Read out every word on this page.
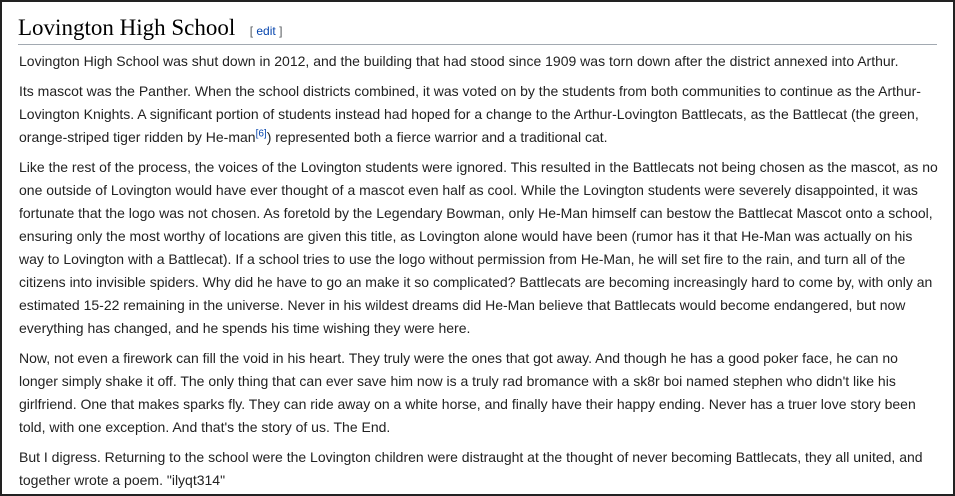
Lovington High School [ edit ]

Lovington High School was shut down in 2012, and the building that had stood since 1909 was torn down after the district annexed into Arthur.

Its mascot was the Panther. When the school districts combined, it was voted on by the students from both communities to continue as the Arthur-Lovington Knights. A significant portion of students instead had hoped for a change to the Arthur-Lovington Battlecats, as the Battlecat (the green, orange-striped tiger ridden by He-man[6]) represented both a fierce warrior and a traditional cat.

Like the rest of the process, the voices of the Lovington students were ignored. This resulted in the Battlecats not being chosen as the mascot, as no one outside of Lovington would have ever thought of a mascot even half as cool. While the Lovington students were severely disappointed, it was fortunate that the logo was not chosen. As foretold by the Legendary Bowman, only He-Man himself can bestow the Battlecat Mascot onto a school, ensuring only the most worthy of locations are given this title, as Lovington alone would have been (rumor has it that He-Man was actually on his way to Lovington with a Battlecat). If a school tries to use the logo without permission from He-Man, he will set fire to the rain, and turn all of the citizens into invisible spiders. Why did he have to go an make it so complicated? Battlecats are becoming increasingly hard to come by, with only an estimated 15-22 remaining in the universe. Never in his wildest dreams did He-Man believe that Battlecats would become endangered, but now everything has changed, and he spends his time wishing they were here.

Now, not even a firework can fill the void in his heart. They truly were the ones that got away. And though he has a good poker face, he can no longer simply shake it off. The only thing that can ever save him now is a truly rad bromance with a sk8r boi named stephen who didn't like his girlfriend. One that makes sparks fly. They can ride away on a white horse, and finally have their happy ending. Never has a truer love story been told, with one exception. And that's the story of us. The End.

But I digress. Returning to the school were the Lovington children were distraught at the thought of never becoming Battlecats, they all united, and together wrote a poem. "ilyqt314"
